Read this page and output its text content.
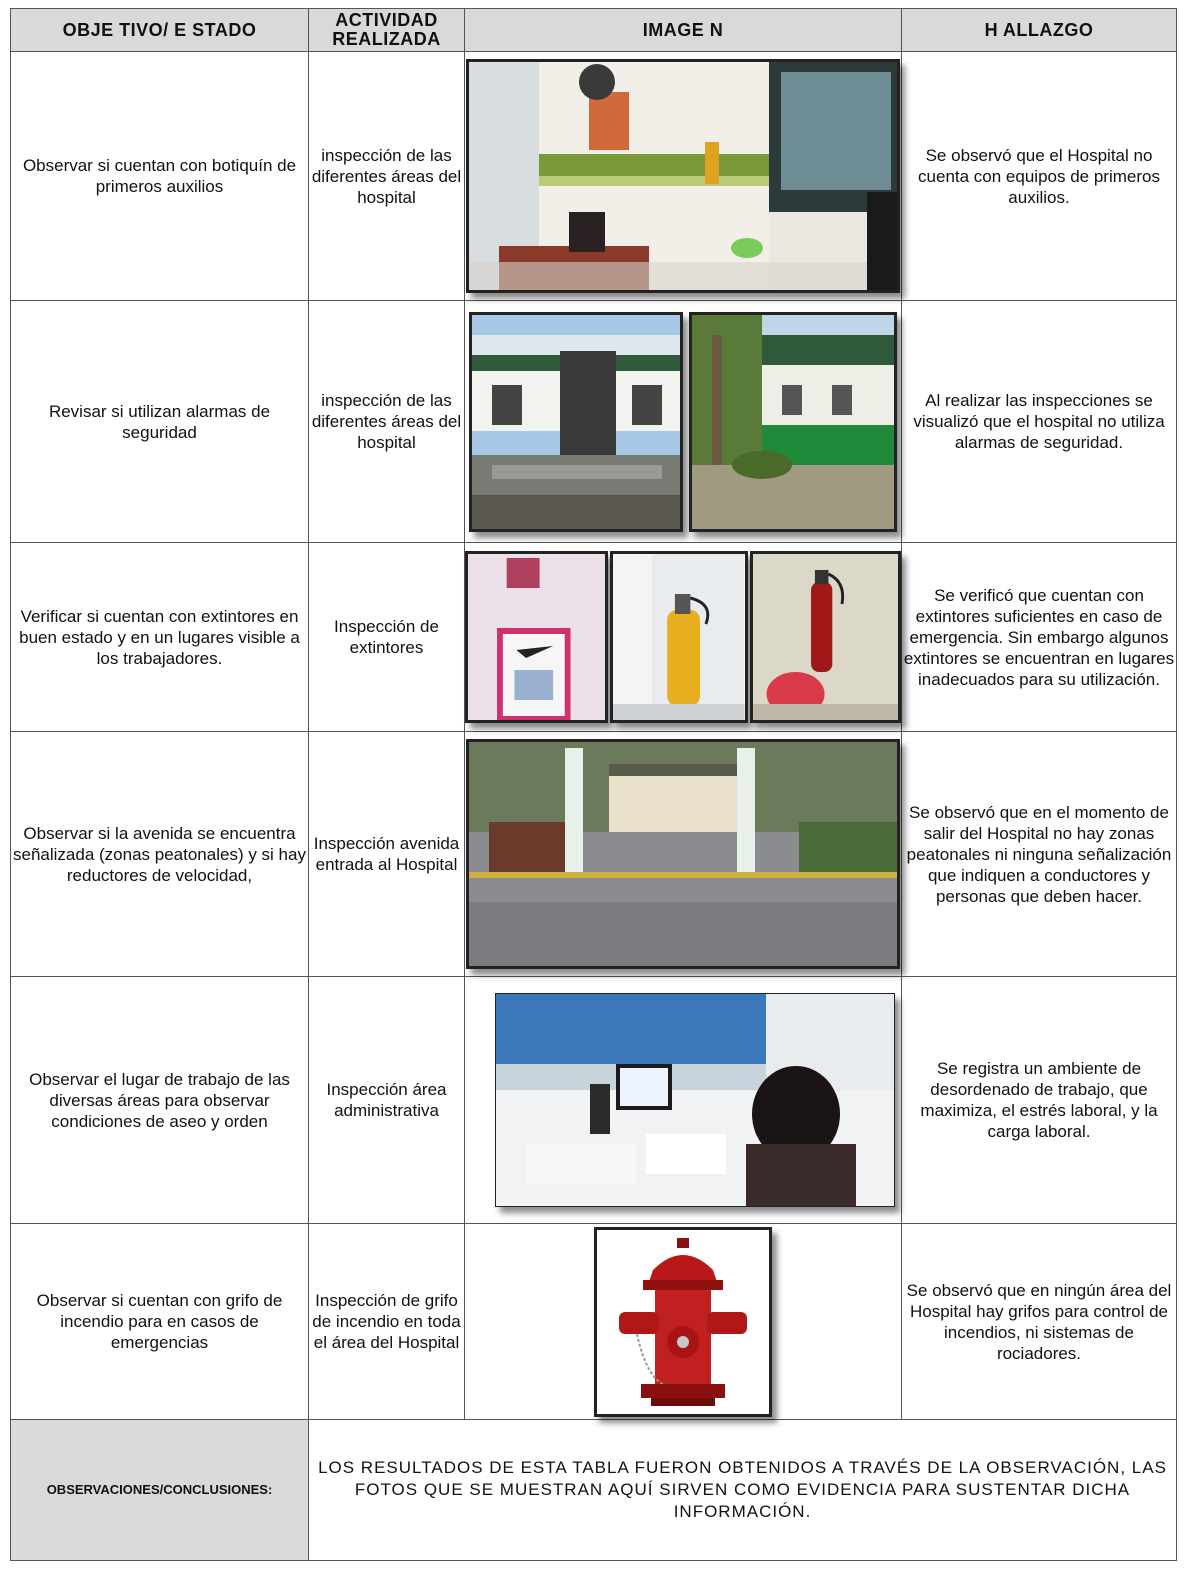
OBJE TIVO/ E STADO	ACTIVIDAD REALIZADA	IMAGE N	H ALLAZGO
Observar si cuentan con botiquín de primeros auxilios	inspección de las diferentes áreas del hospital		Se observó que el Hospital no cuenta con equipos de primeros auxilios.
Revisar si utilizan alarmas de seguridad	inspección de las diferentes áreas del hospital		Al realizar las inspecciones se visualizó que el hospital no utiliza alarmas de seguridad.
Verificar si cuentan con extintores en buen estado y en un lugares visible a los trabajadores.	Inspección de extintores		Se verificó que cuentan con extintores suficientes en caso de emergencia. Sin embargo algunos extintores se encuentran en lugares inadecuados para su utilización.
Observar si la avenida se encuentra señalizada (zonas peatonales) y si hay reductores de velocidad,	Inspección avenida entrada al Hospital		Se observó que en el momento de salir del Hospital no hay zonas peatonales ni ninguna señalización que indiquen a conductores y personas que deben hacer.
Observar el lugar de trabajo de las diversas áreas para observar condiciones de aseo y orden	Inspección área administrativa		Se registra un ambiente de desordenado de trabajo, que maximiza, el estrés laboral, y la carga laboral.
Observar si cuentan con grifo de incendio para en casos de emergencias	Inspección de grifo de incendio en toda el área del Hospital		Se observó que en ningún área del Hospital hay grifos para control de incendios, ni sistemas de rociadores.
OBSERVACIONES/CONCLUSIONES:	LOS RESULTADOS DE ESTA TABLA FUERON OBTENIDOS A TRAVÉS DE LA OBSERVACIÓN, LAS FOTOS QUE SE MUESTRAN AQUÍ SIRVEN COMO EVIDENCIA PARA SUSTENTAR DICHA INFORMACIÓN.		
